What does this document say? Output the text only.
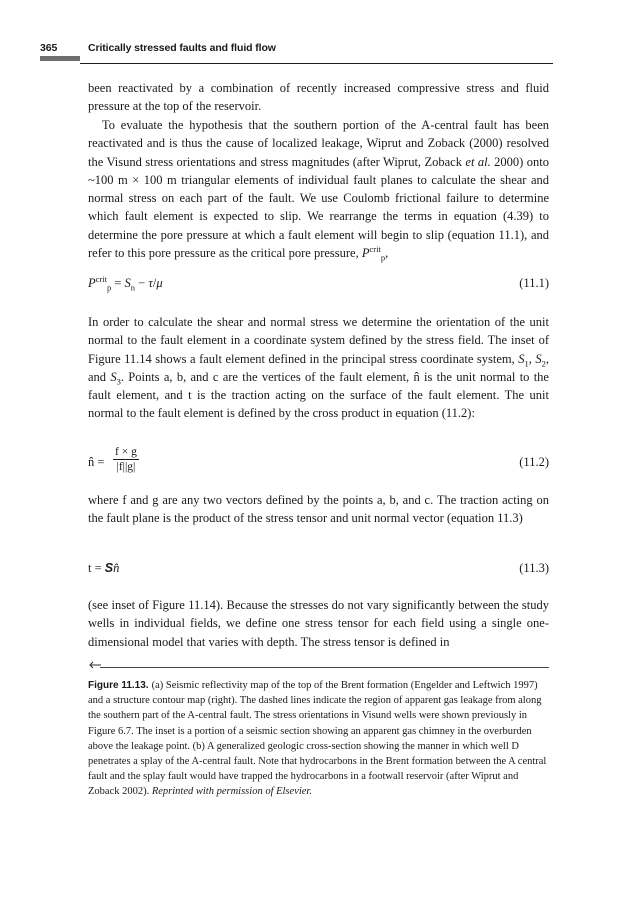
365	Critically stressed faults and fluid flow

been reactivated by a combination of recently increased compressive stress and fluid pressure at the top of the reservoir.

To evaluate the hypothesis that the southern portion of the A-central fault has been reactivated and is thus the cause of localized leakage, Wiprut and Zoback (2000) resolved the Visund stress orientations and stress magnitudes (after Wiprut, Zoback et al. 2000) onto ~100 m × 100 m triangular elements of individual fault planes to calculate the shear and normal stress on each part of the fault. We use Coulomb frictional failure to determine which fault element is expected to slip. We rearrange the terms in equation (4.39) to determine the pore pressure at which a fault element will begin to slip (equation 11.1), and refer to this pore pressure as the critical pore pressure, $P^{crit}_p$,

$P^{crit}_p = S_n - \tau/\mu$	(11.1)

In order to calculate the shear and normal stress we determine the orientation of the unit normal to the fault element in a coordinate system defined by the stress field. The inset of Figure 11.14 shows a fault element defined in the principal stress coordinate system, $S_1$, $S_2$, and $S_3$. Points a, b, and c are the vertices of the fault element, n̂ is the unit normal to the fault element, and t is the traction acting on the surface of the fault element. The unit normal to the fault element is defined by the cross product in equation (11.2):

n̂ = $\frac{f \times g}{|f||g|}$	(11.2)

where f and g are any two vectors defined by the points a, b, and c. The traction acting on the fault plane is the product of the stress tensor and unit normal vector (equation 11.3)

t = Sn̂	(11.3)

(see inset of Figure 11.14). Because the stresses do not vary significantly between the study wells in individual fields, we define one stress tensor for each field using a single one-dimensional model that varies with depth. The stress tensor is defined in

Figure 11.13. (a) Seismic reflectivity map of the top of the Brent formation (Engelder and Leftwich 1997) and a structure contour map (right). The dashed lines indicate the region of apparent gas leakage from along the southern part of the A-central fault. The stress orientations in Visund wells were shown previously in Figure 6.7. The inset is a portion of a seismic section showing an apparent gas chimney in the overburden above the leakage point. (b) A generalized geologic cross-section showing the manner in which well D penetrates a splay of the A-central fault. Note that hydrocarbons in the Brent formation between the A central fault and the splay fault would have trapped the hydrocarbons in a footwall reservoir (after Wiprut and Zoback 2002). Reprinted with permission of Elsevier.
